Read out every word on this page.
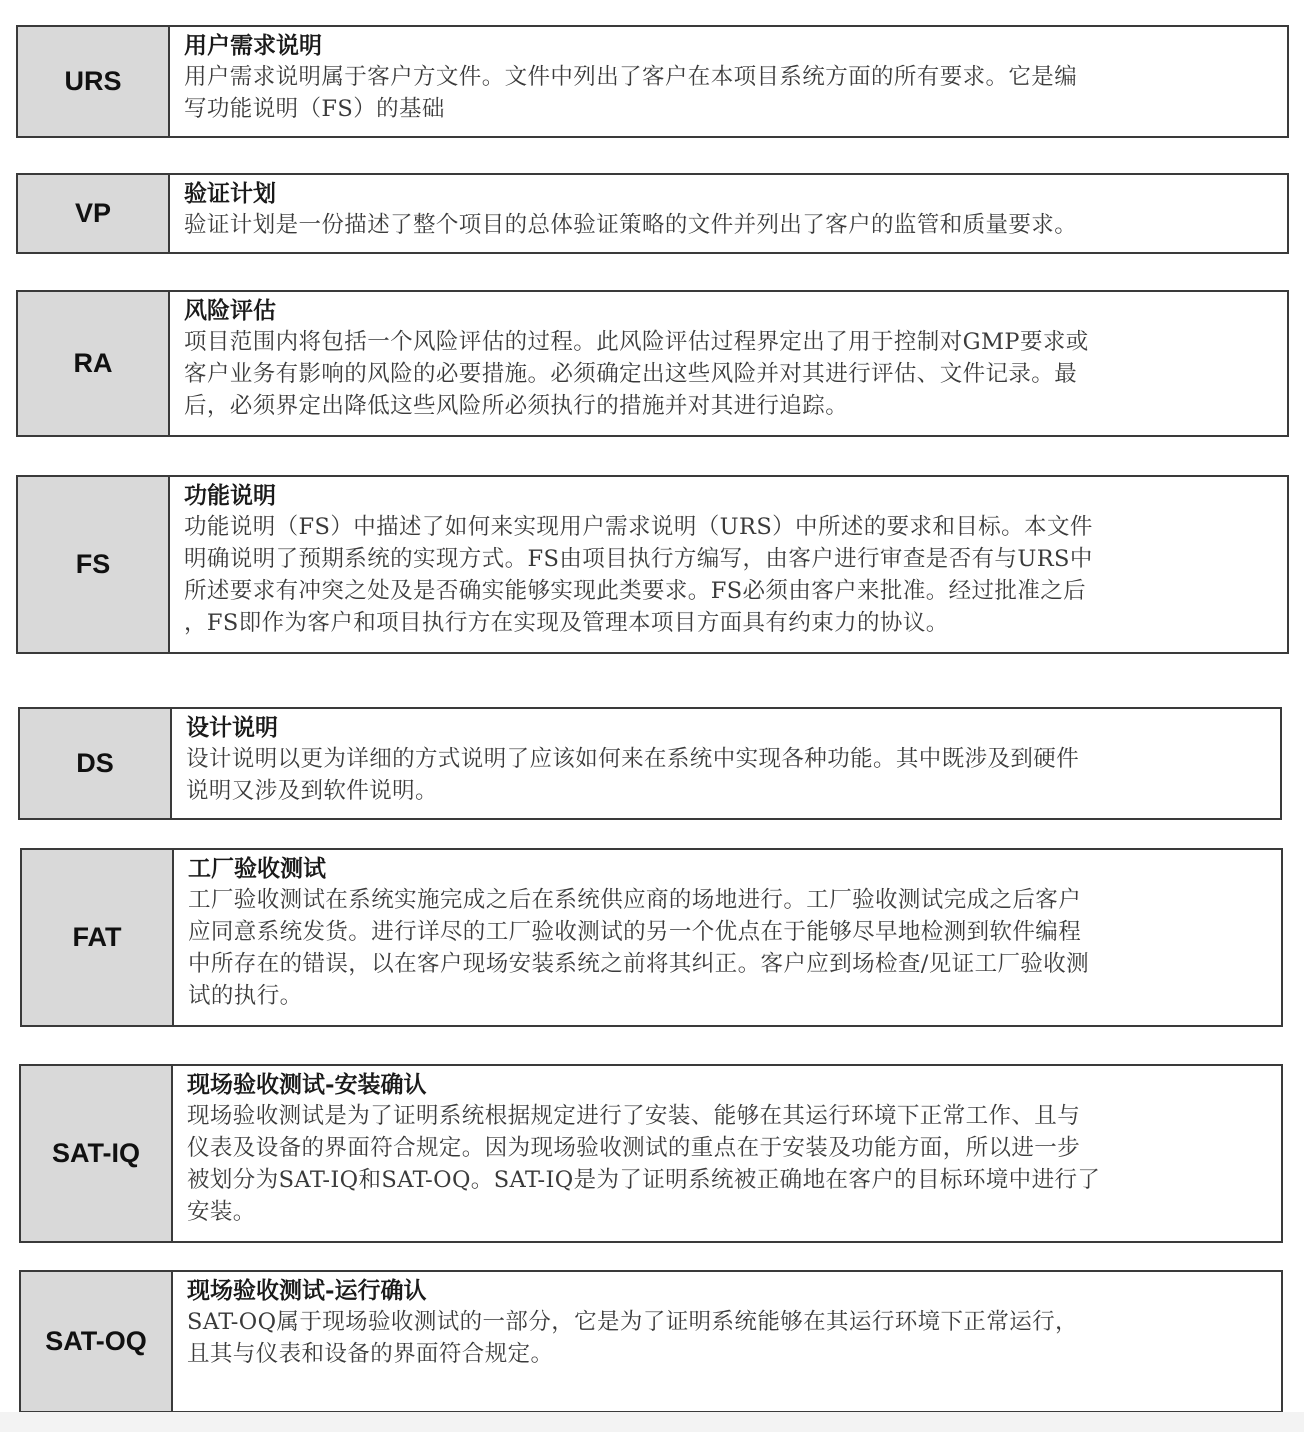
URS
用户需求说明
用户需求说明属于客户方文件。文件中列出了客户在本项目系统方面的所有要求。它是编
写功能说明（FS）的基础
VP
验证计划
验证计划是一份描述了整个项目的总体验证策略的文件并列出了客户的监管和质量要求。
RA
风险评估
项目范围内将包括一个风险评估的过程。此风险评估过程界定出了用于控制对GMP要求或
客户业务有影响的风险的必要措施。必须确定出这些风险并对其进行评估、文件记录。最
后，必须界定出降低这些风险所必须执行的措施并对其进行追踪。
FS
功能说明
功能说明（FS）中描述了如何来实现用户需求说明（URS）中所述的要求和目标。本文件
明确说明了预期系统的实现方式。FS由项目执行方编写，由客户进行审查是否有与URS中
所述要求有冲突之处及是否确实能够实现此类要求。FS必须由客户来批准。经过批准之后
，FS即作为客户和项目执行方在实现及管理本项目方面具有约束力的协议。
DS
设计说明
设计说明以更为详细的方式说明了应该如何来在系统中实现各种功能。其中既涉及到硬件
说明又涉及到软件说明。
FAT
工厂验收测试
工厂验收测试在系统实施完成之后在系统供应商的场地进行。工厂验收测试完成之后客户
应同意系统发货。进行详尽的工厂验收测试的另一个优点在于能够尽早地检测到软件编程
中所存在的错误，以在客户现场安装系统之前将其纠正。客户应到场检查/见证工厂验收测
试的执行。
SAT-IQ
现场验收测试-安装确认
现场验收测试是为了证明系统根据规定进行了安装、能够在其运行环境下正常工作、且与
仪表及设备的界面符合规定。因为现场验收测试的重点在于安装及功能方面，所以进一步
被划分为SAT-IQ和SAT-OQ。SAT-IQ是为了证明系统被正确地在客户的目标环境中进行了
安装。
SAT-OQ
现场验收测试-运行确认
SAT-OQ属于现场验收测试的一部分，它是为了证明系统能够在其运行环境下正常运行，
且其与仪表和设备的界面符合规定。
